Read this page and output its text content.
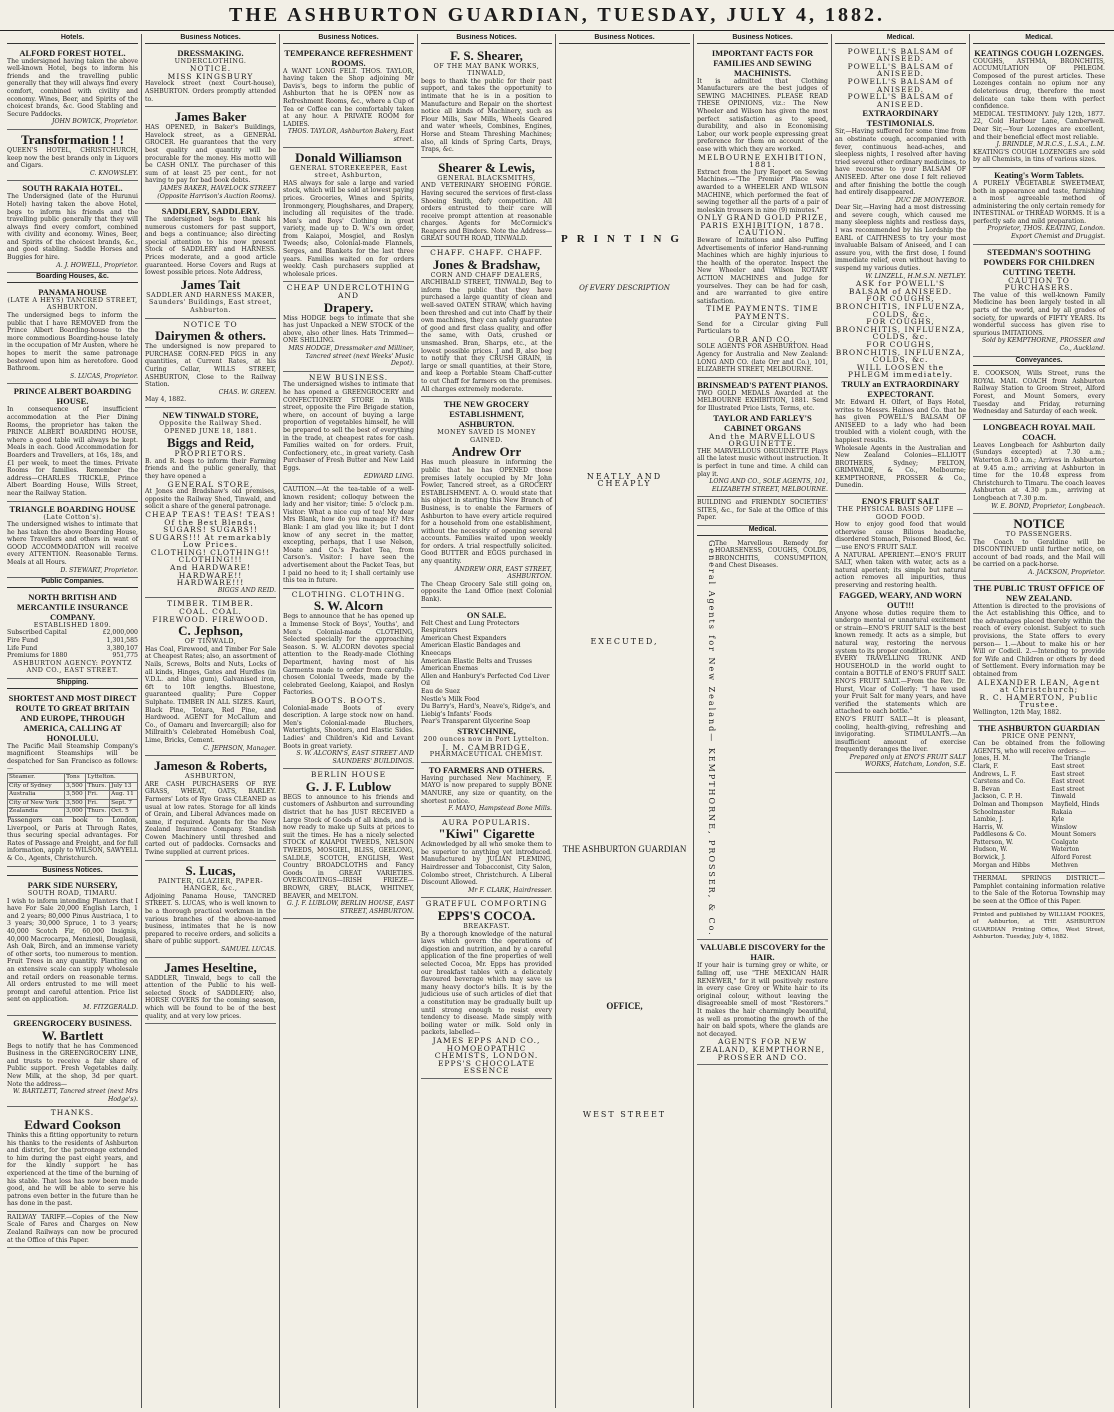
THE ASHBURTON GUARDIAN, TUESDAY, JULY 4, 1882.
Hotels.
ALFORD FOREST HOTEL.
The undersigned having taken the above well-known Hotel, begs to inform his friends and the travelling public generally that they will always find every comfort, combined with civility and economy. Wines, Beer, and Spirits of the choicest brands, &c. Good Stabling and Secure Paddocks.
JOHN BOWICK, Proprietor.
Transformation ! !
QUEEN'S HOTEL, CHRISTCHURCH, keep now the best brands only in Liquors and Cigars.
C. KNOWSLEY.
SOUTH RAKAIA HOTEL.
The Undersigned (late of the Hurunui Hotel) having taken the above Hotel, begs to inform his friends and the travelling public generally that they will always find every comfort, combined with civility and economy. Wines, Beer, and Spirits of the choicest brands, &c., and good stabling. Saddle Horses and Buggies for hire.
A. J. HOWELL, Proprietor.
Boarding Houses, &c.
PANAMA HOUSE
(LATE A HEYS) TANCRED STREET, ASHBURTON.
The undersigned begs to inform the public that I have REMOVED from the Prince Albert Boarding-house to the more commodious Boarding-house lately in the occupation of Mr Austen, where he hopes to merit the same patronage bestowed upon him as heretofore. Good Bathroom.
S. LUCAS, Proprietor.
PRINCE ALBERT BOARDING HOUSE.
In consequence of insufficient accommodation at the Pier Dining Rooms, the proprietor has taken the PRINCE ALBERT BOARDING HOUSE, where a good table will always be kept. Meals in each. Good Accommodation for Boarders and Travellers, at 16s, 18s, and £1 per week, to meet the times. Private Rooms for families. Remember the address—CHARLES TRICKLE, Prince Albert Boarding House, Wills Street, near the Railway Station.
TRIANGLE BOARDING HOUSE
(Late Cotton's).
The undersigned wishes to intimate that he has taken the above Boarding House, where Travellers and others in want of GOOD ACCOMMODATION will receive every ATTENTION. Reasonable Terms. Meals at all Hours.
D. STEWART, Proprietor.
Public Companies.
NORTH BRITISH AND MERCANTILE INSURANCE COMPANY.
ESTABLISHED 1809.
Subscribed Capital	£2,000,000
Fire Fund	1,301,585
Life Fund	3,380,107
Premiums for 1880	951,775
ASHBURTON AGENCY: POYNTZ AND CO., EAST STREET.
Shipping.
SHORTEST AND MOST DIRECT ROUTE TO GREAT BRITAIN AND EUROPE, THROUGH AMERICA, CALLING AT HONOLULU.
The Pacific Mail Steamship Company's magnificent Steamships will be despatched for San Francisco as follows:—
Steamer.	Tons	Lyttelton.	
City of Sydney	3,500	Thurs.	July 13
Australia	3,500	Fri.	Aug. 11
City of New York	3,500	Fri.	Sept. 7
Zealandia	3,000	Thurs.	Oct. 5
Passengers can book to London, Liverpool, or Paris at Through Rates, thus securing special advantages. For Rates of Passage and Freight, and for full information, apply to WILSON, SAWYELL & Co., Agents, Christchurch.
Business Notices.
PARK SIDE NURSERY,
SOUTH ROAD, TIMARU.
I wish to inform intending Planters that I have For Sale 20,000 English Larch, 1 and 2 years; 80,000 Pinus Austriaca, 1 to 3 years; 30,000 Spruce, 1 to 3 years; 40,000 Scotch Fir, 60,000 Insignis, 40,000 Macrocarpa, Menziesii, Douglasii, Ash Oak, Birch, and an immense variety of other sorts, too numerous to mention. Fruit Trees in any quantity. Planting on an extensive scale can supply wholesale and retail orders on reasonable terms. All orders entrusted to me will meet prompt and careful attention. Price list sent on application.
M. FITZGERALD.
GREENGROCERY BUSINESS.
W. Bartlett
Begs to notify that he has Commenced Business in the GREENGROCERY LINE, and trusts to receive a fair share of Public support. Fresh Vegetables daily. New Milk, at the shop, 3d per quart. Note the address—
W. BARTLETT, Tancred street (next Mrs Hodge's).
THANKS.
Edward Cookson
Thinks this a fitting opportunity to return his thanks to the residents of Ashburton and district, for the patronage extended to him during the past eight years, and for the kindly support he has experienced at the time of the burning of his stable. That loss has now been made good, and he will be able to serve his patrons even better in the future than he has done in the past.
RAILWAY TARIFF.—Copies of the New Scale of Fares and Charges on New Zealand Railways can now be procured at the Office of this Paper.
Business Notices.
DRESSMAKING.
UNDERCLOTHING.
NOTICE.
MISS KINGSBURY
Havelock street (next Court-house), ASHBURTON. Orders promptly attended to.
James Baker
HAS OPENED, in Baker's Buildings, Havelock street, as a GENERAL GROCER. He guarantees that the very best quality and quantity will be procurable for the money. His motto will be CASH ONLY. The purchaser of this sum of at least 25 per cent., for not having to pay for bad book debts.
JAMES BAKER, HAVELOCK STREET (Opposite Harrison's Auction Rooms).
SADDLERY, SADDLERY.
The undersigned begs to thank his numerous customers for past support, and begs a continuance; also directing special attention to his now present Stock of SADDLERY and HARNESS. Prices moderate, and a good article guaranteed. Horse Covers and Rugs at lowest possible prices. Note Address,
James Tait
SADDLER AND HARNESS MAKER, Saunders' Buildings, East street, Ashburton.
NOTICE TO
Dairymen & others.
The undersigned is now prepared to PURCHASE CORN-FED PIGS in any quantities, at Current Rates, at his Curing Cellar, WILLS STREET, ASHBURTON, Close to the Railway Station.
CHAS. W. GREEN.
May 4, 1882.
NEW TINWALD STORE,
Opposite the Railway Shed. OPENED JUNE 18, 1881.
Biggs and Reid,
PROPRIETORS.
B. and R. begs to inform their Farming friends and the public generally, that they have opened a
GENERAL STORE,
At Jones and Bradshaw's old premises, opposite the Railway Shed, Tinwald, and solicit a share of the general patronage.
CHEAP TEAS! TEAS! TEAS! Of the Best Blends.
SUGARS! SUGARS!! SUGARS!!! At remarkably Low Prices.
CLOTHING! CLOTHING!! CLOTHING!!!
And HARDWARE! HARDWARE!! HARDWARE!!!
BIGGS AND REID.
TIMBER. TIMBER.
COAL. COAL.
FIREWOOD. FIREWOOD.
C. Jephson,
OF TINWALD,
Has Coal, Firewood, and Timber For Sale at Cheapest Rates; also, an assortment of Nails, Screws, Bolts and Nuts, Locks of all kinds, Hinges, Gates and Hurdles (in V.D.L. and blue gum), Galvanised iron, 6ft to 10ft lengths. Bluestone, guaranteed quality; Pure Copper Sulphate. TIMBER IN ALL SIZES. Kauri, Black Pine, Totara, Red Pine, and Hardwood. AGENT for McCallum and Co., of Oamaru and Invercargill; also for Millraith's Celebrated Homebush Coal, Lime, Bricks, Cement.
C. JEPHSON, Manager.
Jameson & Roberts,
ASHBURTON,
ARE CASH PURCHASERS OF RYE GRASS, WHEAT, OATS, BARLEY. Farmers' Lots of Rye Grass CLEANED as usual at low rates. Storage for all kinds of Grain, and Liberal Advances made on same, if required. Agents for the New Zealand Insurance Company. Standish Cowen Machinery until threshed and carted out of paddocks. Cornsacks and Twine supplied at current prices.
S. Lucas,
PAINTER, GLAZIER, PAPER-HANGER, &c.,
Adjoining Panama House, TANCRED STREET. S. LUCAS, who is well known to be a thorough practical workman in the various branches of the above-named business, intimates that he is now prepared to receive orders, and solicits a share of public support.
SAMUEL LUCAS.
James Heseltine,
SADDLER, Tinwald, begs to call the attention of the Public to his well-selected Stock of SADDLERY; also, HORSE COVERS for the coming season, which will be found to be of the best quality, and at very low prices.
Business Notices.
TEMPERANCE REFRESHMENT ROOMS.
A WANT LONG FELT. THOS. TAYLOR, having taken the Shop adjoining Mr Davis's, begs to inform the public of Ashburton that he is OPEN now as Refreshment Rooms, &c., where a Cup of Tea or Coffee can be comfortably taken at any hour. A PRIVATE ROOM for LADIES.
THOS. TAYLOR, Ashburton Bakery, East street.
Donald Williamson
GENERAL STOREKEEPER, East street, Ashburton,
HAS always for sale a large and varied stock, which will be sold at lowest paying prices. Groceries, Wines and Spirits, Ironmongery, Ploughshares, and Drapery, including all requisites of the trade. Men's and Boys' Clothing in great variety, made up to D. W.'s own order, from Kaiapoi, Mosgiel, and Roslyn Tweeds; also, Colonial-made Flannels, Serges, and Blankets for the last three years. Families waited on for orders weekly. Cash purchasers supplied at wholesale prices.
CHEAP UNDERCLOTHING AND
Drapery.
Miss HODGE begs to intimate that she has just Unpacked a NEW STOCK of the above, also other lines. Hats Trimmed—ONE SHILLING.
MRS HODGE, Dressmaker and Milliner, Tancred street (next Weeks' Music Depot).
NEW BUSINESS.
The undersigned wishes to intimate that he has opened a GREENGROCERY and CONFECTIONERY STORE in Wills street, opposite the Fire Brigade station, where, on account of buying a large proportion of vegetables himself, he will be prepared to sell the best of everything in the trade, at cheapest rates for cash. Families waited on for orders. Fruit, Confectionery, etc., in great variety. Cash Purchaser of Fresh Butter and New Laid Eggs.
EDWARD LING.
CAUTION.—At the tea-table of a well-known resident; colloquy between the lady and her visitor; time: 5 o'clock p.m. Visitor: What a nice cup of tea! My dear Mrs Blank, how do you manage it? Mrs Blank: I am glad you like it; but I dont know of any secret in the matter, excepting, perhaps, that I use Nelson, Moate and Co.'s Packet Tea, from Carson's. Visitor: I have seen the advertisement about the Packet Teas, but I paid no heed to it; I shall certainly use this tea in future.
CLOTHING. CLOTHING.
S. W. Alcorn
Begs to announce that he has opened up a Immense Stock of Boys', Youths', and Men's Colonial-made CLOTHING, Selected specially for the approaching Season. S. W. ALCORN devotes special attention to the Ready-made Clothing Department, having most of his Garments made to order from carefully-chosen Colonial Tweeds, made by the celebrated Geelong, Kaiapoi, and Roslyn Factories.
BOOTS. BOOTS.
Colonial-made Boots of every description. A large stock now on hand. Men's Colonial-made Bluchers, Watertights, Shooters, and Elastic Sides. Ladies' and Children's Kid and Levant Boots in great variety.
S. W. ALCORN'S, EAST STREET AND SAUNDERS' BUILDINGS.
BERLIN HOUSE
G. J. F. Lublow
BEGS to announce to his friends and customers of Ashburton and surrounding district that he has JUST RECEIVED a Large Stock of Goods of all kinds, and is now ready to make up Suits at prices to suit the times. He has a nicely selected STOCK of KAIAPOI TWEEDS, NELSON TWEEDS, MOSGIEL, BLISS, GEELONG, SALDLE, SCOTCH, ENGLISH, West Country BROADCLOTHS and Fancy Goods in GREAT VARIETIES. OVERCOATINGS—IRISH FRIEZE—BROWN, GREY, BLACK, WHITNEY, BEAVER, and MELTON.
G. J. F. LUBLOW, BERLIN HOUSE, EAST STREET, ASHBURTON.
Business Notices.
F. S. Shearer,
OF THE MAY BANK WORKS, TINWALD,
begs to thank the public for their past support, and takes the opportunity to intimate that he is in a position to Manufacture and Repair on the shortest notice all kinds of Machinery, such as Flour Mills, Saw Mills, Wheels Geared and water wheels, Combines, Engines, Horse and Steam Threshing Machines; also, all kinds of Spring Carts, Drays, Traps, &c.
Shearer & Lewis,
GENERAL BLACKSMITHS,
AND VETERINARY SHOEING FORGE. Having secured the services of first-class Shoeing Smith, defy competition. All orders entrusted to their care will receive prompt attention at reasonable charges. Agents for McCormick's Reapers and Binders. Note the Address—GREAT SOUTH ROAD, TINWALD.
CHAFF. CHAFF. CHAFF.
Jones & Bradshaw,
CORN AND CHAFF DEALERS,
ARCHIBALD STREET, TINWALD, Beg to inform the public that they have purchased a large quantity of clean and well-saved OATEN STRAW, which having been threshed and cut into Chaff by their own machines, they can safely guarantee of good and first class quality, and offer the same, with Oats, crushed or unsmashed. Bran, Sharps, etc., at the lowest possible prices. J and B, also beg to notify that they CRUSH GRAIN, in large or small quantities, at their Store, and keep a Portable Steam Chaff-cutter to cut Chaff for farmers on the premises. All charges extremely moderate.
THE NEW GROCERY ESTABLISHMENT, ASHBURTON.
MONEY SAVED IS MONEY GAINED.
Andrew Orr
Has much pleasure in informing the public that he has OPENED those premises lately occupied by Mr John Fowler, Tancred street, as a GROCERY ESTABLISHMENT. A. O. would state that his object in starting this New Branch of Business, is to enable the Farmers of Ashburton to have every article required for a household from one establishment, without the necessity of opening several accounts. Families waited upon weekly for orders. A trial respectfully solicited. Good BUTTER and EGGS purchased in any quantity.
ANDREW ORR, EAST STREET, ASHBURTON.
The Cheap Grocery Sale still going on, opposite the Land Office (next Colonial Bank).
ON SALE.
Felt Chest and Lung Protectors
Respirators
American Chest Expanders
American Elastic Bandages and Kneecaps
American Elastic Belts and Trusses
American Enemas
Allen and Hanbury's Perfected Cod Liver Oil
Eau de Suez
Nestle's Milk Food
Du Barry's, Hard's, Neave's, Ridge's, and Liebig's Infants' Foods
Pear's Transparent Glycerine Soap
STRYCHNINE,
200 ounces now in Port Lyttelton.
J. M. CAMBRIDGE,
PHARMACEUTICAL CHEMIST.
TO FARMERS AND OTHERS.
Having purchased New Machinery, F. MAYO is now prepared to supply BONE MANURE, any size or quantity, on the shortest notice.
F. MAYO, Hampstead Bone Mills.
AURA POPULARIS.
"Kiwi" Cigarette
Acknowledged by all who smoke them to be superior to anything yet introduced. Manufactured by JULIAN FLEMING, Hairdresser and Tobacconist, City Salon, Colombo street, Christchurch. A Liberal Discount Allowed.
Mr F. CLARK, Hairdresser.
GRATEFUL COMFORTING
EPPS'S COCOA.
BREAKFAST.
By a thorough knowledge of the natural laws which govern the operations of digestion and nutrition, and by a careful application of the fine properties of well selected Cocoa, Mr. Epps has provided our breakfast tables with a delicately flavoured beverage which may save us many heavy doctor's bills. It is by the judicious use of such articles of diet that a constitution may be gradually built up until strong enough to resist every tendency to disease. Made simply with boiling water or milk. Sold only in packets, labelled—
JAMES EPPS AND CO., HOMOEOPATHIC CHEMISTS, LONDON.
EPPS'S CHOCOLATE ESSENCE
Business Notices.
PRINTING
Of EVERY DESCRIPTION
NEATLY AND CHEAPLY
EXECUTED,
THE ASHBURTON GUARDIAN
OFFICE,
WEST STREET
Business Notices.
IMPORTANT FACTS FOR FAMILIES AND SEWING MACHINISTS.
It is admitted that Clothing Manufacturers are the best judges of SEWING MACHINES. PLEASE READ THESE OPINIONS, viz.: The New Wheeler and Wilson has given the most perfect satisfaction as to speed, durability, and also in Economising Labor, our work people expressing great preference for them on account of the ease with which they are worked.
MELBOURNE EXHIBITION, 1881.
Extract from the Jury Report on Sewing Machines.—"The Premier Place was awarded to a WHEELER AND WILSON MACHINE, which performed the feat of sewing together all the parts of a pair of moleskin trousers in nine (9) minutes."
ONLY GRAND GOLD PRIZE, PARIS EXHIBITION, 1878.
CAUTION.
Beware of Imitations and also Puffing Advertisements of inferior Hand-running Machines which are highly injurious to the health of the operator. Inspect the New Wheeler and Wilson ROTARY ACTION MACHINES and Judge for yourselves. They can be had for cash, and are warranted to give entire satisfaction.
TIME PAYMENTS. TIME PAYMENTS.
Send for a Circular giving Full Particulars to
ORR AND CO.,
SOLE AGENTS FOR ASHBURTON. Head Agency for Australia and New Zealand: LONG AND CO. (late Orr and Co.), 101, ELIZABETH STREET, MELBOURNE.
BRINSMEAD'S PATENT PIANOS.
TWO GOLD MEDALS Awarded at the MELBOURNE EXHIBITION, 1881. Send for Illustrated Price Lists, Terms, etc.
TAYLOR AND FARLEY'S CABINET ORGANS
And the MARVELLOUS ORGUINETTE.
THE MARVELLOUS ORGUINETTE Plays all the latest music without instruction. It is perfect in tune and time. A child can play it.
LONG AND CO., SOLE AGENTS, 101, ELIZABETH STREET, MELBOURNE.
BUILDING and FRIENDLY SOCIETIES' SITES, &c., for Sale at the Office of this Paper.
Medical.
General Agents for New Zealand— KEMPTHORNE, PROSSER, & Co. The Marvellous Remedy for HOARSENESS, COUGHS, COLDS, BRONCHITIS, CONSUMPTION, and Chest Diseases.
VALUABLE DISCOVERY for the HAIR.
If your hair is turning grey or white, or falling off, use "THE MEXICAN HAIR RENEWER," for it will positively restore in every case Grey or White hair to its original colour, without leaving the disagreeable smell of most "Restorers." It makes the hair charmingly beautiful, as well as promoting the growth of the hair on bald spots, where the glands are not decayed.
AGENTS FOR NEW ZEALAND, KEMPTHORNE, PROSSER AND CO.
Medical.
POWELL'S BALSAM of ANISEED.
POWELL'S BALSAM of ANISEED.
POWELL'S BALSAM of ANISEED.
POWELL'S BALSAM of ANISEED.
EXTRAORDINARY TESTIMONIALS.
Sir,—Having suffered for some time from an obstinate cough, accompanied with fever, continuous head-aches, and sleepless nights, I resolved after having tried several other ordinary medicines, to have recourse to your BALSAM OF ANISEED. After one dose I felt relieved and after finishing the bottle the cough had entirely disappeared.
DUC DE MONTEBOR.
Dear Sir,—Having had a most distressing and severe cough, which caused me many sleepless nights and restless days, I was recommended by his Lordship the EARL of CAITHNESS to try your most invaluable Balsam of Aniseed, and I can assure you, with the first dose, I found immediate relief, even without having to suspend my various duties.
W. LINZELL, H.M.S.N. NETLEY.
ASK for POWELL'S BALSAM of ANISEED.
FOR COUGHS, BRONCHITIS, INFLUENZA, COLDS, &c.
FOR COUGHS, BRONCHITIS, INFLUENZA, COLDS, &c.
FOR COUGHS, BRONCHITIS, INFLUENZA, COLDS, &c.
WILL LOOSEN the PHLEGM immediately.
TRULY an EXTRAORDINARY EXPECTORANT.
Mr. Edward H. Olfert, of Bays Hotel, writes to Messrs. Haines and Co. that he has given POWELL'S BALSAM OF ANISEED to a lady who had been troubled with a violent cough, with the happiest results.
Wholesale Agents in the Australian and New Zealand Colonies—ELLIOTT BROTHERS, Sydney; FELTON, GRIMWADE, & Co., Melbourne; KEMPTHORNE, PROSSER & Co., Dunedin.
ENO'S FRUIT SALT
THE PHYSICAL BASIS OF LIFE — GOOD FOOD.
How to enjoy good food that would otherwise cause Bilious headache, disordered Stomach, Poisoned Blood, &c.—use ENO'S FRUIT SALT.
A NATURAL APERIENT.—ENO'S FRUIT SALT, when taken with water, acts as a natural aperient; its simple but natural action removes all impurities, thus preserving and restoring health.
FAGGED, WEARY, AND WORN OUT!!!
Anyone whose duties require them to undergo mental or unnatural excitement or strain—ENO'S FRUIT SALT is the best known remedy. It acts as a simple, but natural way, restoring the nervous system to its proper condition.
EVERY TRAVELLING TRUNK AND HOUSEHOLD in the world ought to contain a BOTTLE of ENO'S FRUIT SALT.
ENO'S FRUIT SALT.—From the Rev. Dr. Hurst, Vicar of Collerly: "I have used your Fruit Salt for many years, and have verified the statements which are attached to each bottle."
ENO'S FRUIT SALT.—It is pleasant, cooling, health-giving, refreshing and invigorating. STIMULANTS.—An insufficient amount of exercise frequently deranges the liver.
Prepared only at ENO'S FRUIT SALT WORKS, Hatcham, London, S.E.
Medical.
KEATINGS COUGH LOZENGES.
COUGHS, ASTHMA, BRONCHITIS, ACCUMULATION OF PHLEGM. Composed of the purest articles. These Lozenges contain no opium nor any deleterious drug, therefore the most delicate can take them with perfect confidence.
MEDICAL TESTIMONY. July 12th, 1877. 22, Cold Harbour Lane, Camberwell. Dear Sir,—Your Lozenges are excellent, and their beneficial effect most reliable.
J. BRINDLE, M.R.C.S., L.S.A., L.M.
KEATING'S COUGH LOZENGES are sold by all Chemists, in tins of various sizes.
Keating's Worm Tablets.
A PURELY VEGETABLE SWEETMEAT, both in appearance and taste, furnishing a most agreeable method of administering the only certain remedy for INTESTINAL or THREAD WORMS. It is a perfectly safe and mild preparation.
Proprietor, THOS. KEATING, London. Export Chemist and Druggist.
STEEDMAN'S SOOTHING POWDERS FOR CHILDREN CUTTING TEETH.
CAUTION TO PURCHASERS.
The value of this well-known Family Medicine has been largely tested in all parts of the world, and by all grades of society, for upwards of FIFTY YEARS. Its wonderful success has given rise to spurious IMITATIONS.
Sold by KEMPTHORNE, PROSSER and Co., Auckland.
Conveyances.
E. COOKSON, Wills Street, runs the ROYAL MAIL COACH from Ashburton Railway Station to Groom Street, Alford Forest, and Mount Somers, every Tuesday and Friday, returning Wednesday and Saturday of each week.
LONGBEACH ROYAL MAIL COACH.
Leaves Longbeach for Ashburton daily (Sundays excepted) at 7.30 a.m.; Waterton 8.10 a.m.; Arrives in Ashburton at 9.45 a.m.; arriving at Ashburton in time for the 10.48 express from Christchurch to Timaru. The coach leaves Ashburton at 4.30 p.m., arriving at Longbeach at 7.30 p.m.
W. E. BOND, Proprietor, Longbeach.
NOTICE
TO PASSENGERS.
The Coach to Geraldine will be DISCONTINUED until further notice, on account of bad roads, and the Mail will be carried on a pack-horse.
A. JACKSON, Proprietor.
THE PUBLIC TRUST OFFICE OF NEW ZEALAND.
Attention is directed to the provisions of the Act establishing this Office, and to the advantages placed thereby within the reach of every colonist. Subject to such provisions, the State offers to every person— 1.—About to make his or her Will or Codicil. 2.—Intending to provide for Wife and Children or others by deed of Settlement. Every information may be obtained from
ALEXANDER LEAN, Agent at Christchurch;
R. C. HAMERTON, Public Trustee.
Wellington, 12th May, 1882.
THE ASHBURTON GUARDIAN
PRICE ONE PENNY,
Can be obtained from the following AGENTS, who will receive orders:—
Jones, H. M.	The Triangle
Clark, F.	East street
Andrews, L. F.	East street
Carstens and Co.	East street
B. Bevan	East street
Jackson, C. P. H.	Tinwald
Dolman and Thompson	Mayfield, Hinds
Schoolmaster	Rakaia
Lambie, J.	Kyle
Harris, W.	Winslow
Paddlesons & Co.	Mount Somers
Patterson, W.	Coalgate
Hudson, W.	Waterton
Borwick, J.	Alford Forest
Morgan and Hibbs	Methven
THERMAL SPRINGS DISTRICT.—Pamphlet containing information relative to the Sale of the Rotorua Township may be seen at the Office of this Paper.
Printed and published by WILLIAM FOOKES, of Ashburton, at THE ASHBURTON GUARDIAN Printing Office, West Street, Ashburton. Tuesday, July 4, 1882.
